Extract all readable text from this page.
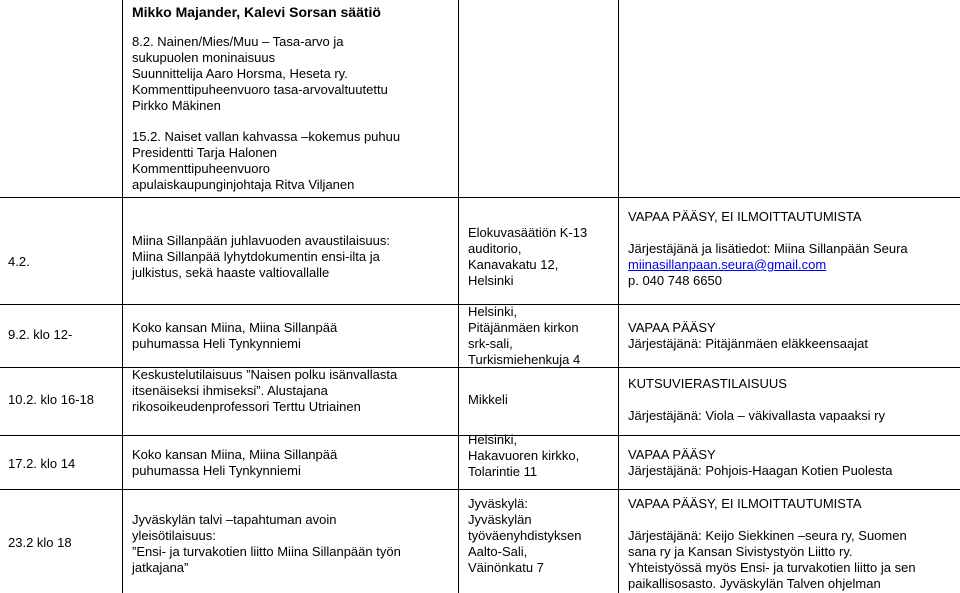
Mikko Majander, Kalevi Sorsan säätiö
8.2. Nainen/Mies/Muu – Tasa-arvo ja
sukupuolen moninaisuus
Suunnittelija Aaro Horsma, Heseta ry.
Kommenttipuheenvuoro tasa-arvovaltuutettu
Pirkko Mäkinen
15.2. Naiset vallan kahvassa –kokemus puhuu
Presidentti Tarja Halonen
Kommenttipuheenvuoro
apulaiskaupunginjohtaja Ritva Viljanen
4.2.
Miina Sillanpään juhlavuoden avaustilaisuus:
Miina Sillanpää lyhytdokumentin ensi-ilta ja
julkistus, sekä haaste valtiovallalle
Elokuvasäätiön K-13
auditorio,
Kanavakatu 12,
Helsinki
VAPAA PÄÄSY, EI ILMOITTAUTUMISTA
Järjestäjänä ja lisätiedot: Miina Sillanpään Seura
miinasillanpaan.seura@gmail.com
p. 040 748 6650
9.2. klo 12-	Koko kansan Miina, Miina Sillanpää
puhumassa Heli Tynkynniemi
Helsinki,
Pitäjänmäen kirkon
srk-sali,
Turkismiehenkuja 4
VAPAA PÄÄSY
Järjestäjänä: Pitäjänmäen eläkkeensaajat
10.2. klo 16-18
Keskustelutilaisuus ”Naisen polku isänvallasta
itsenäiseksi ihmiseksi”. Alustajana
rikosoikeudenprofessori Terttu Utriainen	Mikkeli
KUTSUVIERASTILAISUUS
Järjestäjänä: Viola – väkivallasta vapaaksi ry
17.2. klo 14
Koko kansan Miina, Miina Sillanpää
puhumassa Heli Tynkynniemi
Helsinki,
Hakavuoren kirkko,
Tolarintie 11
VAPAA PÄÄSY
Järjestäjänä: Pohjois-Haagan Kotien Puolesta
23.2 klo 18
Jyväskylän talvi –tapahtuman avoin
yleisötilaisuus:
”Ensi- ja turvakotien liitto Miina Sillanpään työn
jatkajana”
Jyväskylä:
Jyväskylän
työväenyhdistyksen
Aalto-Sali,
Väinönkatu 7
VAPAA PÄÄSY, EI ILMOITTAUTUMISTA
Järjestäjänä: Keijo Siekkinen –seura ry, Suomen
sana ry ja Kansan Sivistystyön Liitto ry.
Yhteistyössä myös Ensi- ja turvakotien liitto ja sen
paikallisosasto. Jyväskylän Talven ohjelman
